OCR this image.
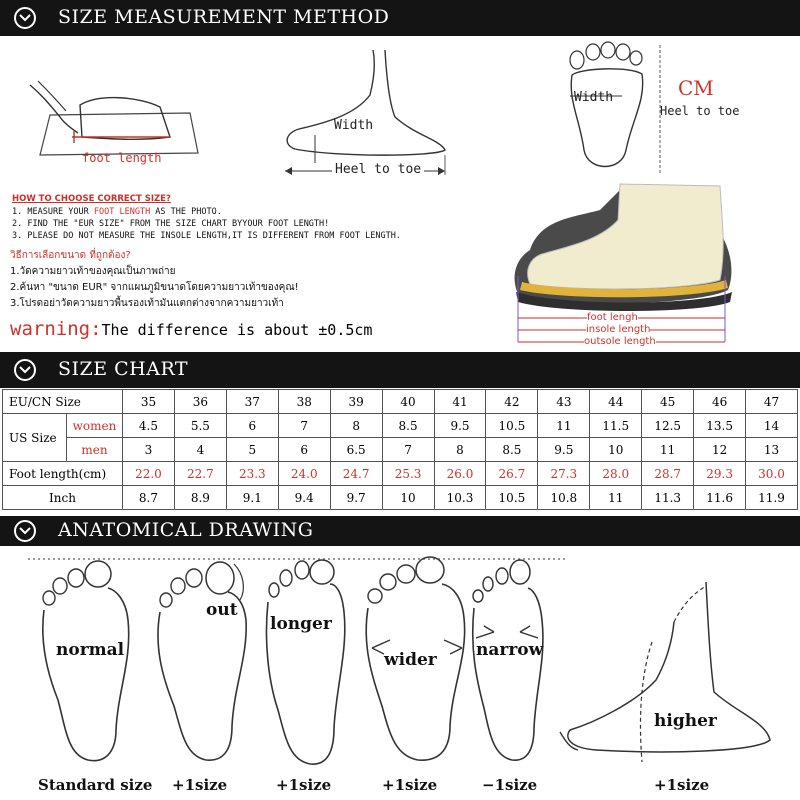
SIZE MEASUREMENT METHOD
foot length
Width
Heel to toe
Width	CM
Heel to toe
HOW TO CHOOSE CORRECT SIZE?
1. MEASURE YOUR FOOT LENGTH AS THE PHOTO.
2. FIND THE "EUR SIZE" FROM THE SIZE CHART BYYOUR FOOT LENGTH!
3. PLEASE DO NOT MEASURE THE INSOLE LENGTH,IT IS DIFFERENT FROM FOOT LENGTH.
วิธีการเลือกขนาด ที่ถูกต้อง?
1.วัดความยาวเท้าของคุณเป็นภาพถ่าย
2.ค้นหา "ขนาด EUR" จากแผนภูมิขนาดโดยความยาวเท้าของคุณ!
3.โปรดอย่าวัดความยาวพื้นรองเท้ามันแตกต่างจากความยาวเท้า
warning:The difference is about ±0.5cm
foot lengh
insole length
outsole length
SIZE CHART
EU/CN Size		35	36	37	38	39	40	41	42	43	44	45	46	47
US Size	women	4.5	5.5	6	7	8	8.5	9.5	10.5	11	11.5	12.5	13.5	14
	men	3	4	5	6	6.5	7	8	8.5	9.5	10	11	12	13
Foot length(cm)		22.0	22.7	23.3	24.0	24.7	25.3	26.0	26.7	27.3	28.0	28.7	29.3	30.0
Inch		8.7	8.9	9.1	9.4	9.7	10	10.3	10.5	10.8	11	11.3	11.6	11.9
ANATOMICAL DRAWING
normal
out
longer
wider narrow
higher
Standard size +1size	+1size	+1size	−1size	+1size
